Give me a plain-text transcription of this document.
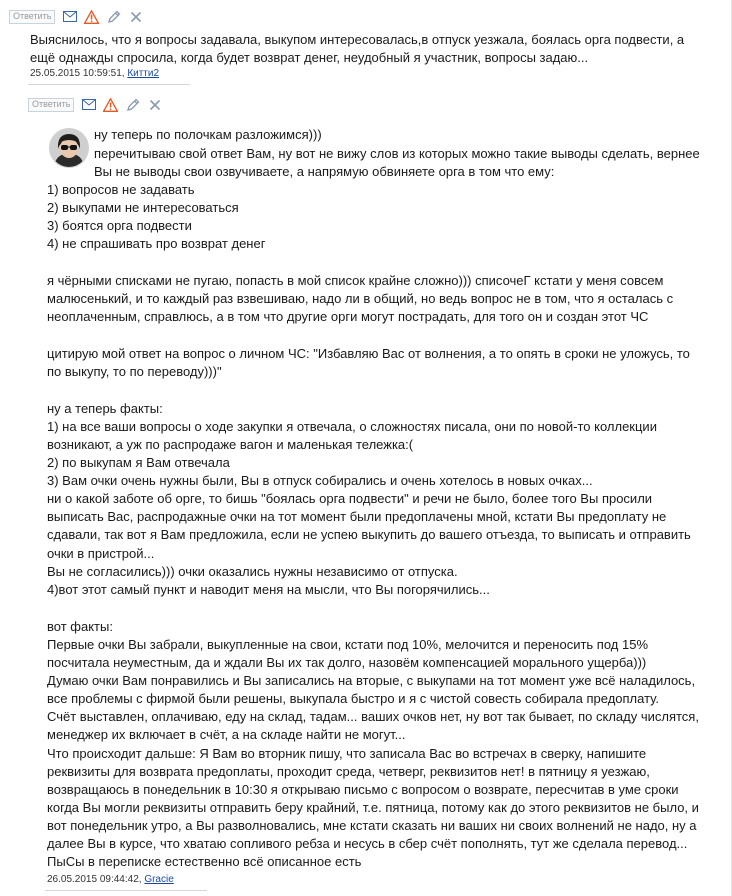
Ответить
Выяснилось, что я вопросы задавала, выкупом интересовалась,в отпуск уезжала, боялась орга подвести, а
ещё однажды спросила, когда будет возврат денег, неудобный я участник, вопросы задаю...
25.05.2015 10:59:51, Китти2
Ответить
ну теперь по полочкам разложимся)))
перечитываю свой ответ Вам, ну вот не вижу слов из которых можно такие выводы сделать, вернее
Вы не выводы свои озвучиваете, а напрямую обвиняете орга в том что ему:
1) вопросов не задавать
2) выкупами не интересоваться
3) боятся орга подвести
4) не спрашивать про возврат денег
я чёрными списками не пугаю, попасть в мой список крайне сложно))) списочеГ кстати у меня совсем
малюсенький, и то каждый раз взвешиваю, надо ли в общий, но ведь вопрос не в том, что я осталась с
неоплаченным, справлюсь, а в том что другие орги могут пострадать, для того он и создан этот ЧС
цитирую мой ответ на вопрос о личном ЧС: "Избавляю Вас от волнения, а то опять в сроки не уложусь, то
по выкупу, то по переводу)))"
ну а теперь факты:
1) на все ваши вопросы о ходе закупки я отвечала, о сложностях писала, они по новой-то коллекции
возникают, а уж по распродаже вагон и маленькая тележка:(
2) по выкупам я Вам отвечала
3) Вам очки очень нужны были, Вы в отпуск собирались и очень хотелось в новых очках...
ни о какой заботе об орге, то бишь "боялась орга подвести" и речи не было, более того Вы просили
выписать Вас, распродажные очки на тот момент были предоплачены мной, кстати Вы предоплату не
сдавали, так вот я Вам предложила, если не успею выкупить до вашего отъезда, то выписать и отправить
очки в пристрой...
Вы не согласились))) очки оказались нужны независимо от отпуска.
4)вот этот самый пункт и наводит меня на мысли, что Вы погорячились...
вот факты:
Первые очки Вы забрали, выкупленные на свои, кстати под 10%, мелочится и переносить под 15%
посчитала неуместным, да и ждали Вы их так долго, назовём компенсацией морального ущерба)))
Думаю очки Вам понравились и Вы записались на вторые, с выкупами на тот момент уже всё наладилось,
все проблемы с фирмой были решены, выкупала быстро и я с чистой совесть собирала предоплату.
Счёт выставлен, оплачиваю, еду на склад, тадам... ваших очков нет, ну вот так бывает, по складу числятся,
менеджер их включает в счёт, а на складе найти не могут...
Что происходит дальше: Я Вам во вторник пишу, что записала Вас во встречах в сверку, напишите
реквизиты для возврата предоплаты, проходит среда, четверг, реквизитов нет! в пятницу я уезжаю,
возвращаюсь в понедельник в 10:30 я открываю письмо с вопросом о возврате, пересчитав в уме сроки
когда Вы могли реквизиты отправить беру крайний, т.е. пятница, потому как до этого реквизитов не было, и
вот понедельник утро, а Вы разволновались, мне кстати сказать ни ваших ни своих волнений не надо, ну а
далее Вы в курсе, что хватаю сопливого ребза и несусь в сбер счёт пополнять, тут же сделала перевод...
ПыСы в переписке естественно всё описанное есть
26.05.2015 09:44:42, Gracie
